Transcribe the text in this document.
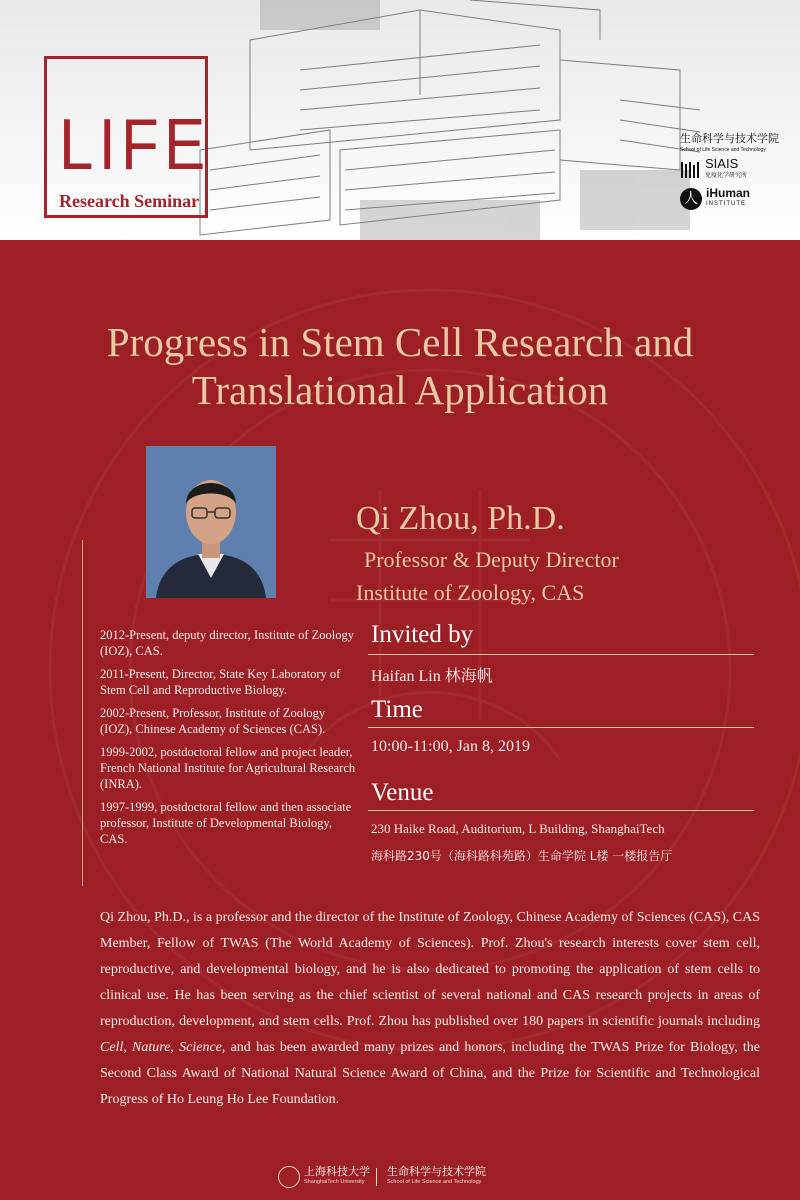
LIFE
Research Seminar
生命科学与技术学院
School of Life Science and Technology
SIAIS
免疫化学研究所
人 iHuman
INSTITUTE
Progress in Stem Cell Research and
Translational Application
Qi Zhou, Ph.D.
Professor & Deputy Director
Institute of Zoology, CAS
2012-Present, deputy director, Institute of Zoology (IOZ), CAS.
2011-Present, Director, State Key Laboratory of Stem Cell and Reproductive Biology.
2002-Present, Professor, Institute of Zoology (IOZ), Chinese Academy of Sciences (CAS).
1999-2002, postdoctoral fellow and project leader, French National Institute for Agricultural Research (INRA).
1997-1999, postdoctoral fellow and then associate professor, Institute of Developmental Biology, CAS.
Invited by
Haifan Lin 林海帆
Time
10:00-11:00, Jan 8, 2019
Venue
230 Haike Road, Auditorium, L Building, ShanghaiTech
海科路230号（海科路科苑路）生命学院 L楼 一楼报告厅
Qi Zhou, Ph.D., is a professor and the director of the Institute of Zoology, Chinese Academy of Sciences (CAS), CAS Member, Fellow of TWAS (The World Academy of Sciences). Prof. Zhou's research interests cover stem cell, reproductive, and developmental biology, and he is also dedicated to promoting the application of stem cells to clinical use. He has been serving as the chief scientist of several national and CAS research projects in areas of reproduction, development, and stem cells. Prof. Zhou has published over 180 papers in scientific journals including Cell, Nature, Science, and has been awarded many prizes and honors, including the TWAS Prize for Biology, the Second Class Award of National Natural Science Award of China, and the Prize for Scientific and Technological Progress of Ho Leung Ho Lee Foundation.
上海科技大学
ShanghaiTech University
生命科学与技术学院
School of Life Science and Technology
